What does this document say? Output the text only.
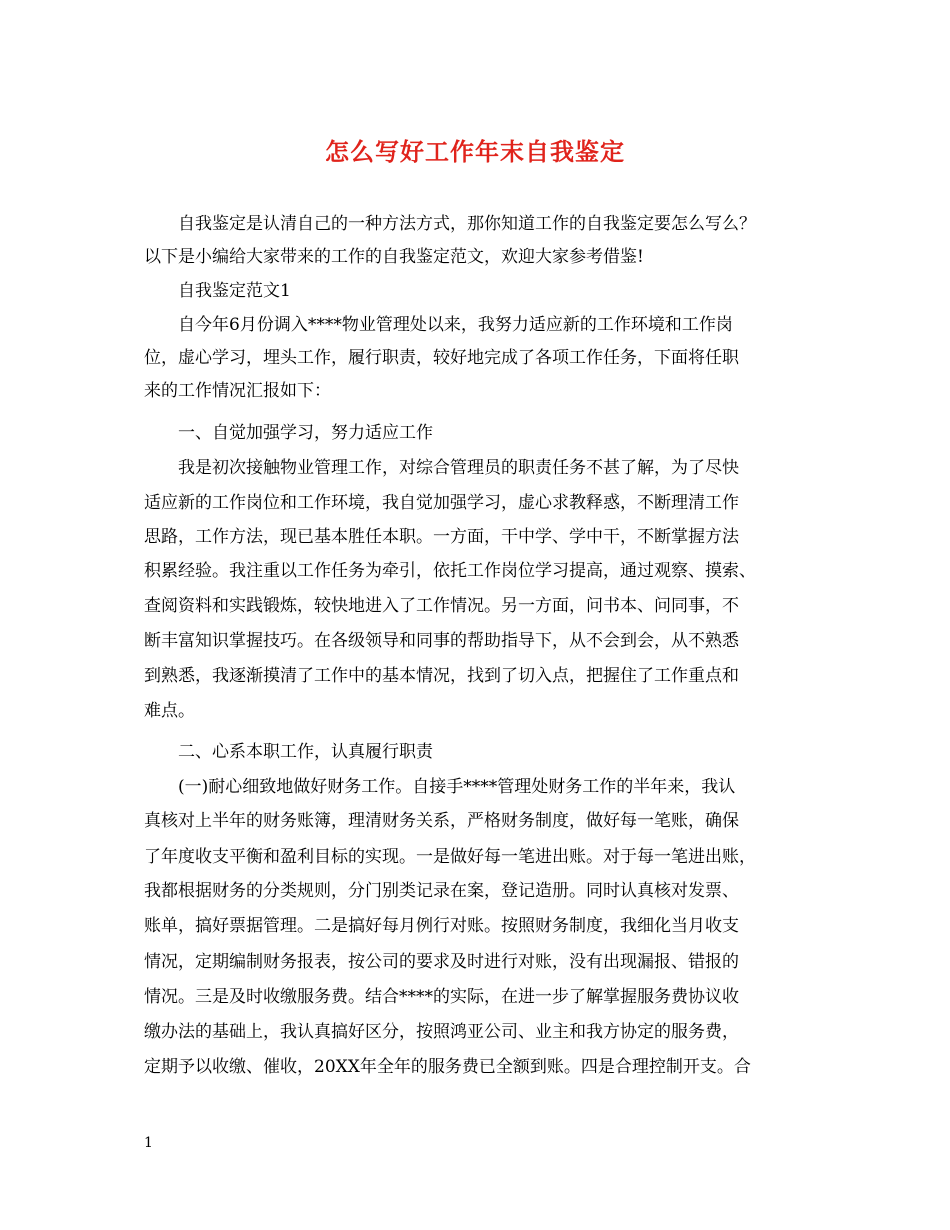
怎么写好工作年末自我鉴定

自我鉴定是认清自己的一种方法方式，那你知道工作的自我鉴定要怎么写么？

以下是小编给大家带来的工作的自我鉴定范文，欢迎大家参考借鉴!

自我鉴定范文1

自今年6月份调入****物业管理处以来，我努力适应新的工作环境和工作岗

位，虚心学习，埋头工作，履行职责，较好地完成了各项工作任务，下面将任职

来的工作情况汇报如下：

一、自觉加强学习，努力适应工作

我是初次接触物业管理工作，对综合管理员的职责任务不甚了解，为了尽快

适应新的工作岗位和工作环境，我自觉加强学习，虚心求教释惑，不断理清工作

思路，工作方法，现已基本胜任本职。一方面，干中学、学中干，不断掌握方法

积累经验。我注重以工作任务为牵引，依托工作岗位学习提高，通过观察、摸索、

查阅资料和实践锻炼，较快地进入了工作情况。另一方面，问书本、问同事，不

断丰富知识掌握技巧。在各级领导和同事的帮助指导下，从不会到会，从不熟悉

到熟悉，我逐渐摸清了工作中的基本情况，找到了切入点，把握住了工作重点和

难点。

二、心系本职工作，认真履行职责

(一)耐心细致地做好财务工作。自接手****管理处财务工作的半年来，我认

真核对上半年的财务账簿，理清财务关系，严格财务制度，做好每一笔账，确保

了年度收支平衡和盈利目标的实现。一是做好每一笔进出账。对于每一笔进出账，

我都根据财务的分类规则，分门别类记录在案，登记造册。同时认真核对发票、

账单，搞好票据管理。二是搞好每月例行对账。按照财务制度，我细化当月收支

情况，定期编制财务报表，按公司的要求及时进行对账，没有出现漏报、错报的

情况。三是及时收缴服务费。结合****的实际，在进一步了解掌握服务费协议收

缴办法的基础上，我认真搞好区分，按照鸿亚公司、业主和我方协定的服务费，

定期予以收缴、催收，20XX年全年的服务费已全额到账。四是合理控制开支。合

1
